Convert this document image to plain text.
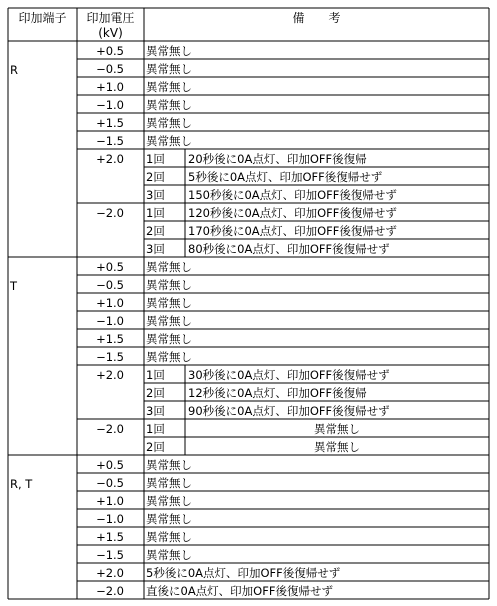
印加端子 印加電圧
(kV)
備　　考
R
+0.5 異常無し
−0.5 異常無し
+1.0 異常無し
−1.0 異常無し
+1.5 異常無し
−1.5 異常無し
+2.0 1回 20秒後に0A点灯、印加OFF後復帰
2回 5秒後に0A点灯、印加OFF後復帰せず
3回 150秒後に0A点灯、印加OFF後復帰せず
−2.0 1回 120秒後に0A点灯、印加OFF後復帰せず
2回 170秒後に0A点灯、印加OFF後復帰せず
3回 80秒後に0A点灯、印加OFF後復帰せず
T
+0.5 異常無し
−0.5 異常無し
+1.0 異常無し
−1.0 異常無し
+1.5 異常無し
−1.5 異常無し
+2.0 1回 30秒後に0A点灯、印加OFF後復帰せず
2回 12秒後に0A点灯、印加OFF後復帰
3回 90秒後に0A点灯、印加OFF後復帰せず
−2.0 1回	異常無し
2回	異常無し
R, T
+0.5 異常無し
−0.5 異常無し
+1.0 異常無し
−1.0 異常無し
+1.5 異常無し
−1.5 異常無し
+2.0 5秒後に0A点灯、印加OFF後復帰せず
−2.0 直後に0A点灯、印加OFF後復帰せず
